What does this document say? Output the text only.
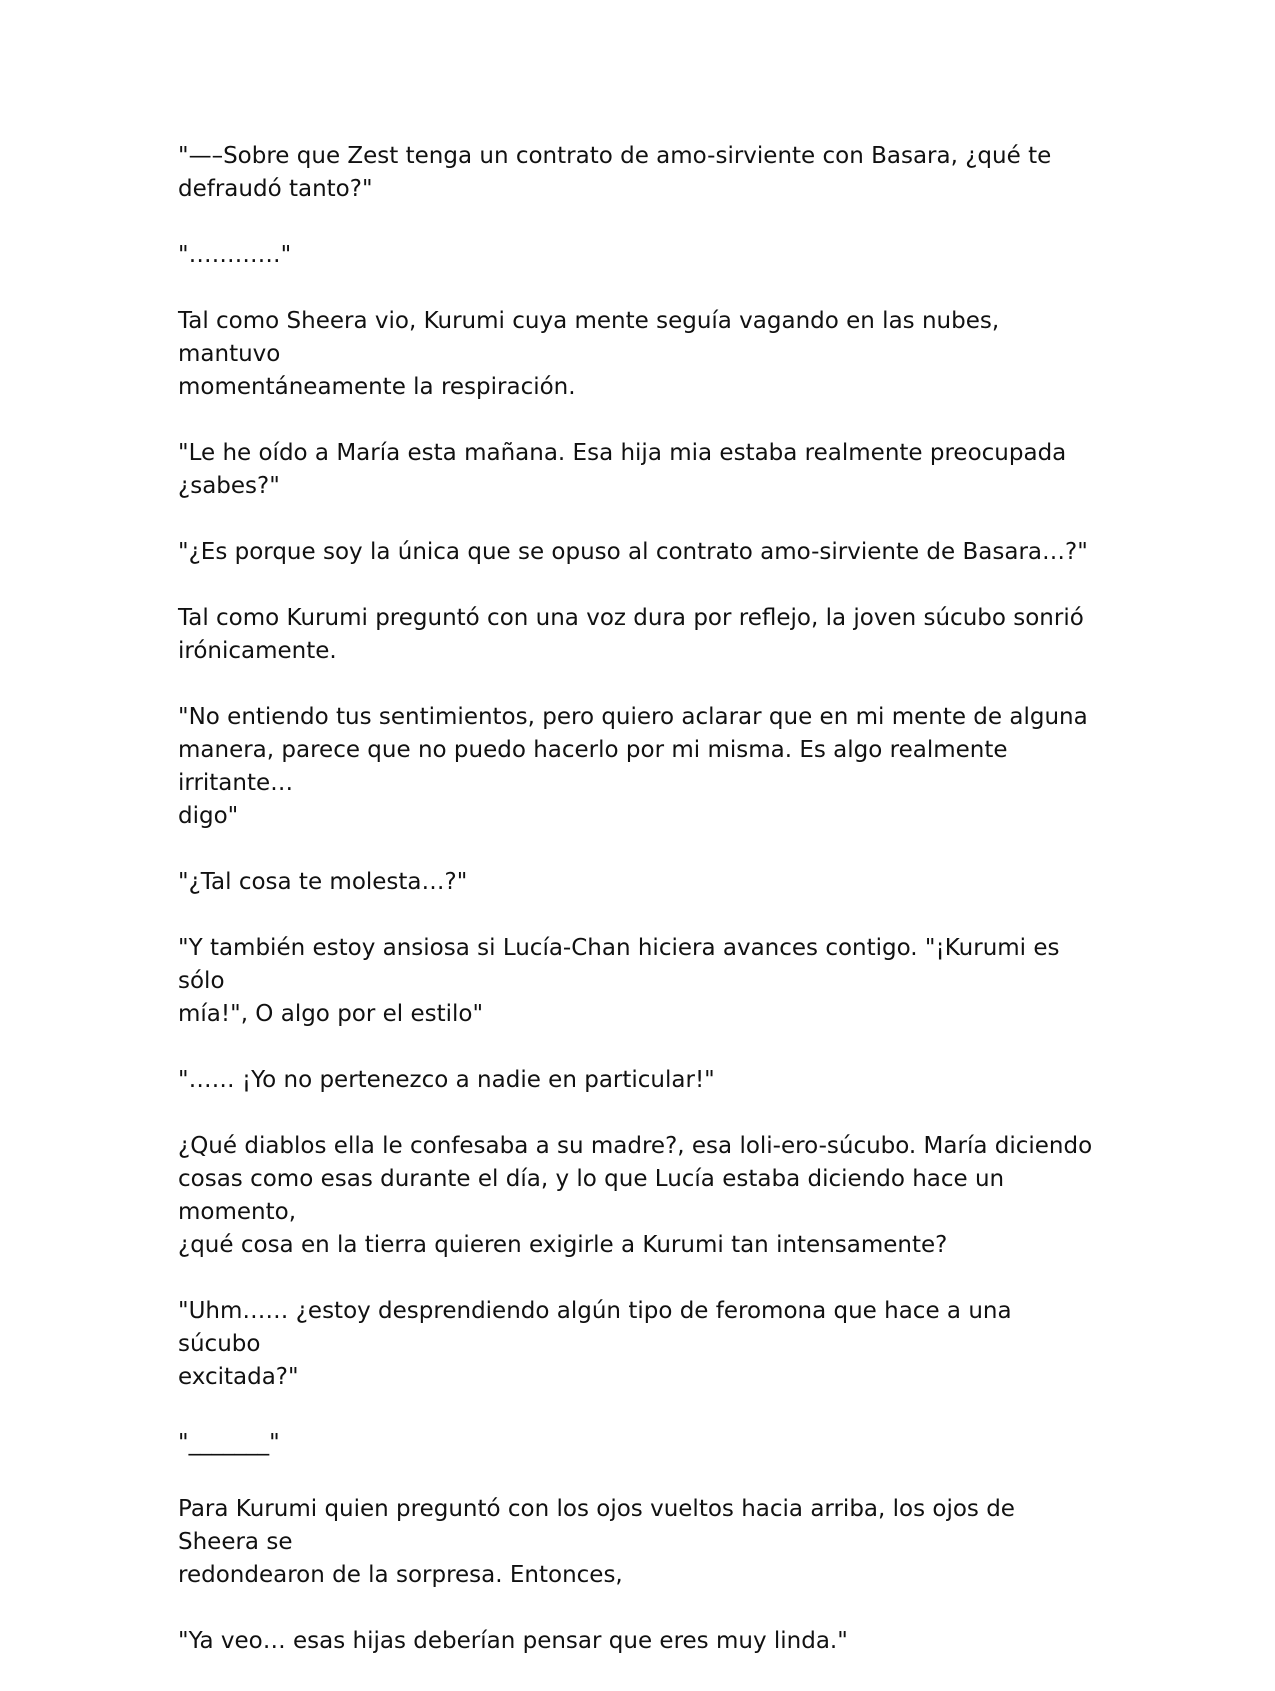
"—–Sobre que Zest tenga un contrato de amo-sirviente con Basara, ¿qué te
defraudó tanto?"

"…………"

Tal como Sheera vio, Kurumi cuya mente seguía vagando en las nubes, mantuvo
momentáneamente la respiración.

"Le he oído a María esta mañana. Esa hija mia estaba realmente preocupada
¿sabes?"

"¿Es porque soy la única que se opuso al contrato amo-sirviente de Basara…?"

Tal como Kurumi preguntó con una voz dura por reflejo, la joven súcubo sonrió
irónicamente.

"No entiendo tus sentimientos, pero quiero aclarar que en mi mente de alguna
manera, parece que no puedo hacerlo por mi misma. Es algo realmente irritante…
digo"

"¿Tal cosa te molesta…?"

"Y también estoy ansiosa si Lucía-Chan hiciera avances contigo. "¡Kurumi es sólo
mía!", O algo por el estilo"

"…… ¡Yo no pertenezco a nadie en particular!"

¿Qué diablos ella le confesaba a su madre?, esa loli-ero-súcubo. María diciendo
cosas como esas durante el día, y lo que Lucía estaba diciendo hace un momento,
¿qué cosa en la tierra quieren exigirle a Kurumi tan intensamente?

"Uhm…… ¿estoy desprendiendo algún tipo de feromona que hace a una súcubo
excitada?"

"_______"

Para Kurumi quien preguntó con los ojos vueltos hacia arriba, los ojos de Sheera se
redondearon de la sorpresa. Entonces,

"Ya veo… esas hijas deberían pensar que eres muy linda."
